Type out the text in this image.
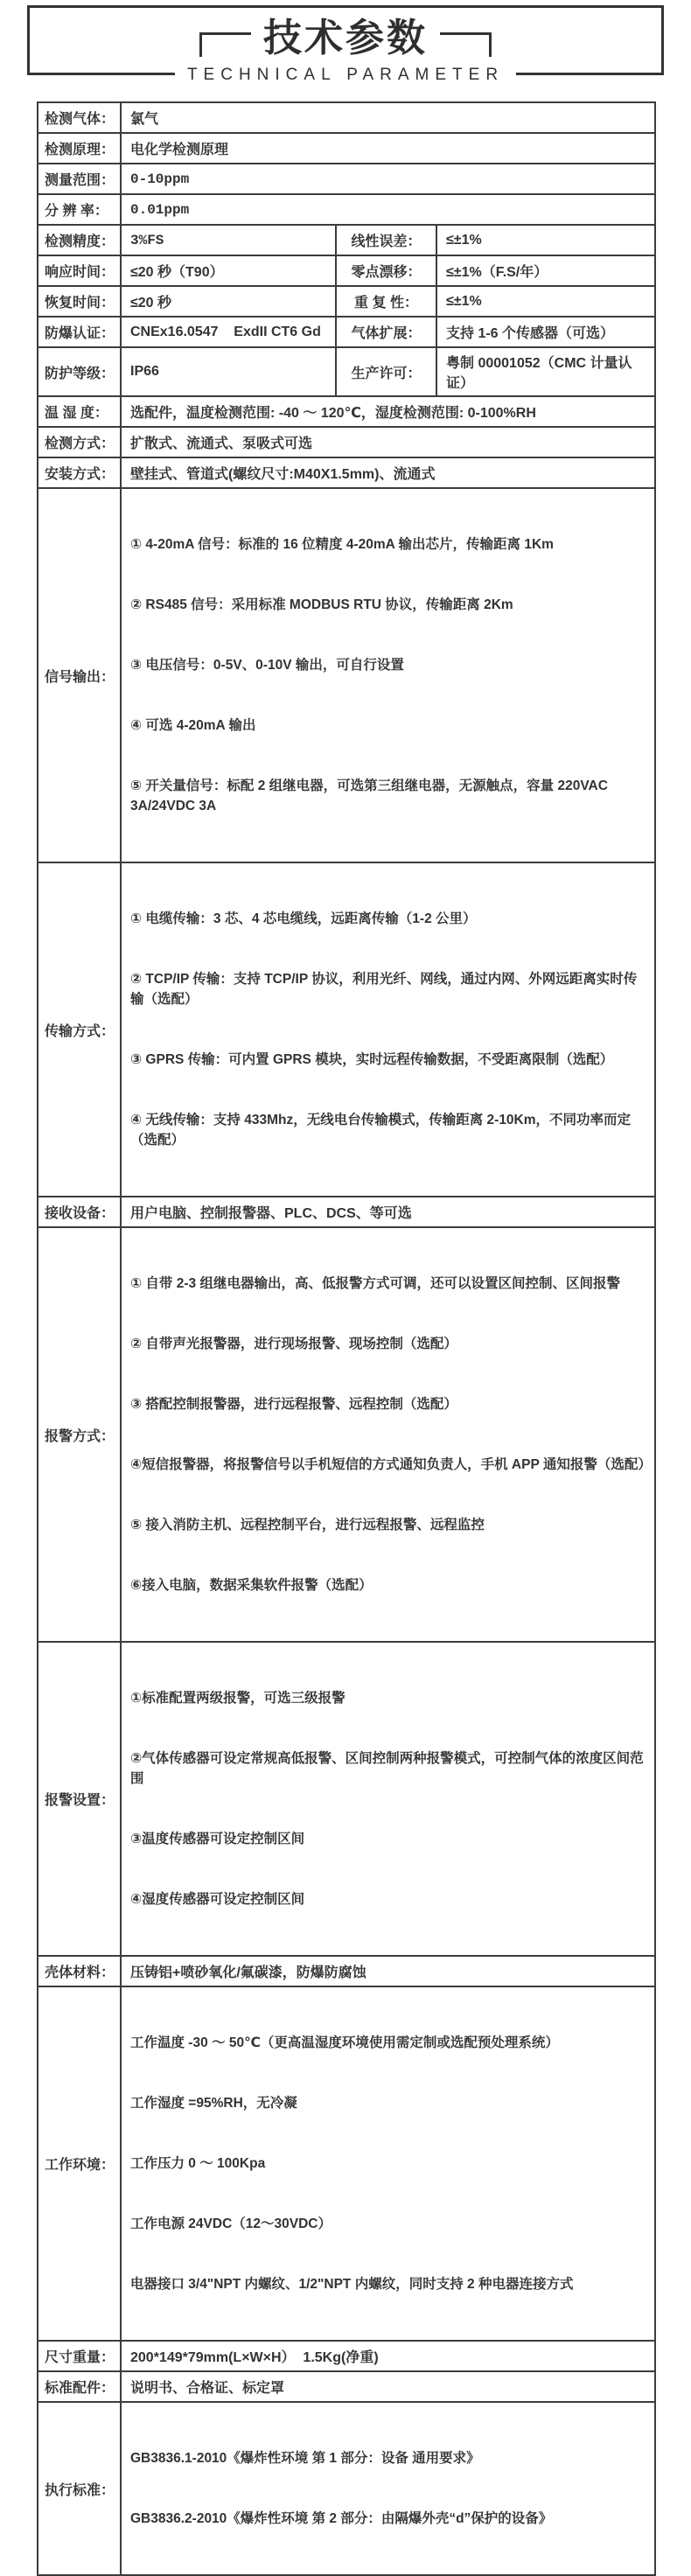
技术参数
TECHNICAL PARAMETER
检测气体：	氯气		
检测原理：	电化学检测原理		
测量范围：	0-10ppm		
分 辨 率：	0.01ppm		
检测精度：	3%FS	线性误差：	≤±1%
响应时间：	≤20 秒（T90）	零点漂移：	≤±1%（F.S/年）
恢复时间：	≤20 秒	重 复 性：	≤±1%
防爆认证：	CNEx16.0547    ExdII CT6 Gd	气体扩展：	支持 1-6 个传感器（可选）
防护等级：	IP66	生产许可：	粤制 00001052（CMC 计量认证）
温 湿 度：	选配件，温度检测范围: -40 ～ 120℃，湿度检测范围: 0-100%RH		
检测方式：	扩散式、流通式、泵吸式可选		
安装方式：	壁挂式、管道式(螺纹尺寸:M40X1.5mm)、流通式		
信号输出：	① 4-20mA 信号：标准的 16 位精度 4-20mA 输出芯片，传输距离 1Km

② RS485 信号：采用标准 MODBUS RTU 协议，传输距离 2Km

③ 电压信号：0-5V、0-10V 输出，可自行设置

④ 可选 4-20mA 输出

⑤ 开关量信号：标配 2 组继电器，可选第三组继电器，无源触点，容量 220VAC 3A/24VDC 3A		

传输方式：	① 电缆传输：3 芯、4 芯电缆线，远距离传输（1-2 公里）

② TCP/IP 传输：支持 TCP/IP 协议，利用光纤、网线，通过内网、外网远距离实时传输（选配）

③ GPRS 传输：可内置 GPRS 模块，实时远程传输数据，不受距离限制（选配）

④ 无线传输：支持 433Mhz，无线电台传输模式，传输距离 2-10Km，不同功率而定（选配）		

接收设备：	用户电脑、控制报警器、PLC、DCS、等可选		
报警方式：	

① 自带 2-3 组继电器输出，高、低报警方式可调，还可以设置区间控制、区间报警

② 自带声光报警器，进行现场报警、现场控制（选配）

③ 搭配控制报警器，进行远程报警、远程控制（选配）

④短信报警器，将报警信号以手机短信的方式通知负责人，手机 APP 通知报警（选配）

⑤ 接入消防主机、远程控制平台，进行远程报警、远程监控

⑥接入电脑，数据采集软件报警（选配）

报警设置：	①标准配置两级报警，可选三级报警

②气体传感器可设定常规高低报警、区间控制两种报警模式，可控制气体的浓度区间范围

③温度传感器可设定控制区间

④湿度传感器可设定控制区间		

壳体材料：	压铸铝+喷砂氧化/氟碳漆，防爆防腐蚀		
工作环境：	工作温度 -30 ～ 50℃（更高温湿度环境使用需定制或选配预处理系统）

工作湿度 =95%RH，无冷凝

工作压力 0 ～ 100Kpa

工作电源 24VDC（12～30VDC）

电器接口 3/4"NPT 内螺纹、1/2"NPT 内螺纹，同时支持 2 种电器连接方式		

尺寸重量：	200*149*79mm(L×W×H）  1.5Kg(净重)		
标准配件：	说明书、合格证、标定罩		
执行标准：	GB3836.1-2010《爆炸性环境 第 1 部分：设备 通用要求》

GB3836.2-2010《爆炸性环境 第 2 部分：由隔爆外壳“d”保护的设备》		
